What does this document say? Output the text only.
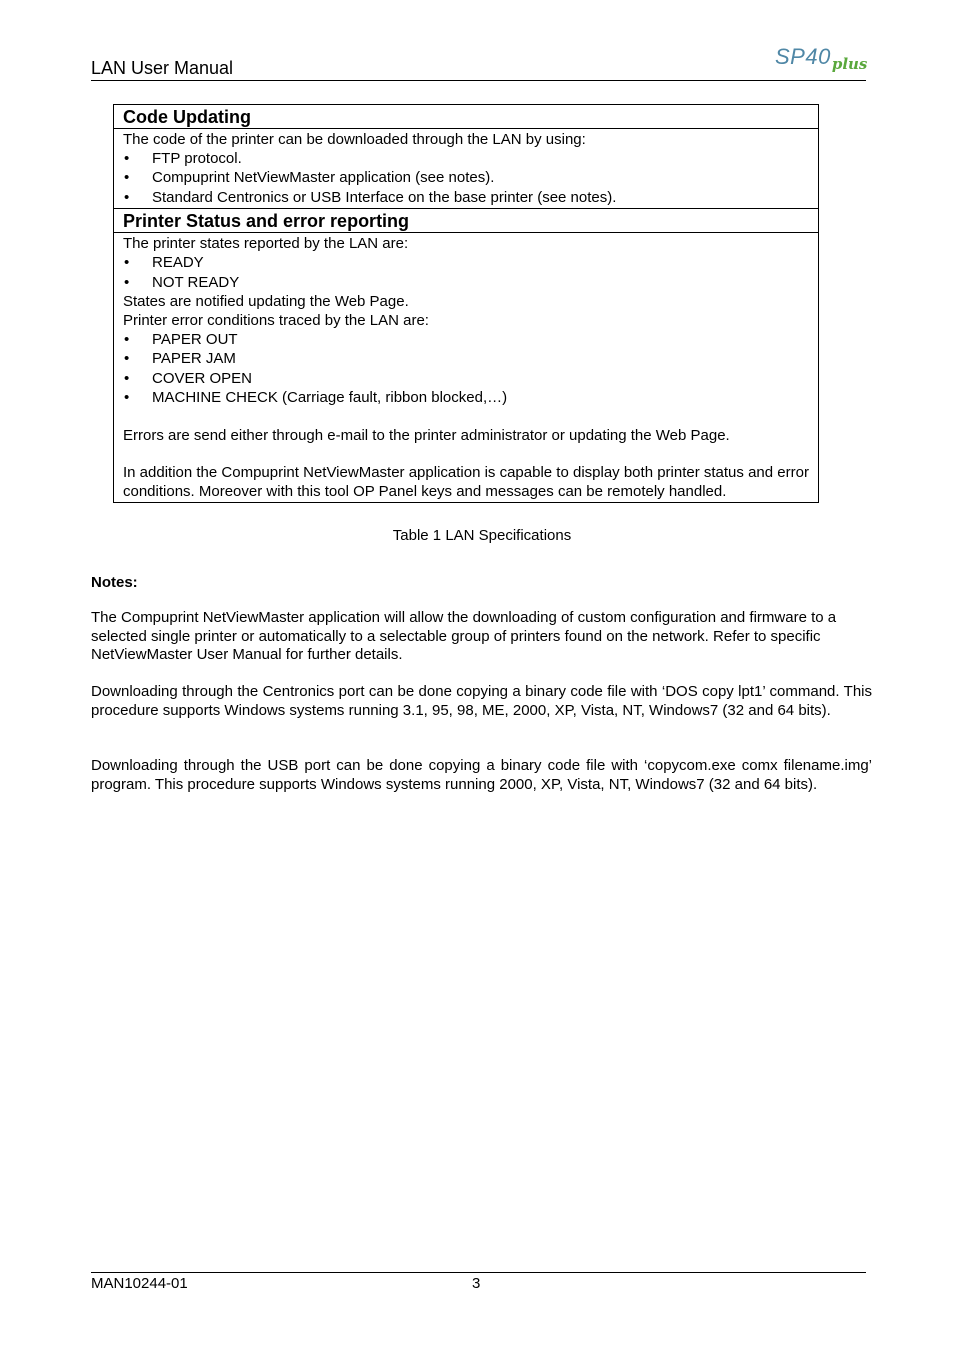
LAN User Manual	SP40plus
Code Updating

The code of the printer can be downloaded through the LAN by using:

• FTP protocol.
• Compuprint NetViewMaster application (see notes).
• Standard Centronics or USB Interface on the base printer (see notes).
Printer Status and error reporting

The printer states reported by the LAN are:

• READY
• NOT READY

States are notified updating the Web Page.

Printer error conditions traced by the LAN are:

• PAPER OUT
• PAPER JAM
• COVER OPEN
• MACHINE CHECK (Carriage fault, ribbon blocked,…)

Errors are send either through e-mail to the printer administrator or updating the Web Page.

In addition the Compuprint NetViewMaster application is capable to display both printer status and error conditions. Moreover with this tool OP Panel keys and messages can be remotely handled.

Table 1 LAN Specifications
Notes:

The Compuprint NetViewMaster application will allow the downloading of custom configuration and firmware to a selected single printer or automatically to a selectable group of printers found on the network. Refer to specific NetViewMaster User Manual for further details.

Downloading through the Centronics port can be done copying a binary code file with ‘DOS copy lpt1’ command. This procedure supports Windows systems running 3.1, 95, 98, ME, 2000, XP, Vista, NT, Windows7 (32 and 64 bits).

Downloading through the USB port can be done copying a binary code file with ‘copycom.exe comx filename.img’ program. This procedure supports Windows systems running 2000, XP, Vista, NT, Windows7 (32 and 64 bits).

MAN10244-01	3
